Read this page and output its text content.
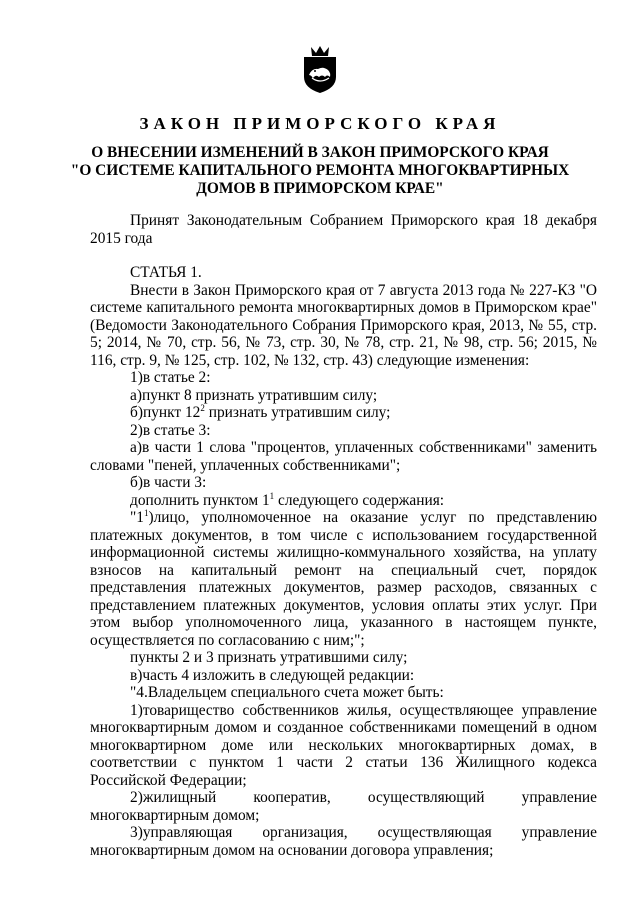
ЗАКОН ПРИМОРСКОГО КРАЯ
О ВНЕСЕНИИ ИЗМЕНЕНИЙ В ЗАКОН ПРИМОРСКОГО КРАЯ
"О СИСТЕМЕ КАПИТАЛЬНОГО РЕМОНТА МНОГОКВАРТИРНЫХ
ДОМОВ В ПРИМОРСКОМ КРАЕ"

Принят Законодательным Собранием Приморского края 18 декабря 2015 года

СТАТЬЯ 1.

Внести в Закон Приморского края от 7 августа 2013 года № 227-КЗ "О системе капитального ремонта многоквартирных домов в Приморском крае" (Ведомости Законодательного Собрания Приморского края, 2013, № 55, стр. 5; 2014, № 70, стр. 56, № 73, стр. 30, № 78, стр. 21, № 98, стр. 56; 2015, № 116, стр. 9, № 125, стр. 102, № 132, стр. 43) следующие изменения:

1)в статье 2:

а)пункт 8 признать утратившим силу;

б)пункт $12^2$ признать утратившим силу;

2)в статье 3:

а)в части 1 слова "процентов, уплаченных собственниками" заменить словами "пеней, уплаченных собственниками";

б)в части 3:

дополнить пунктом $1^1$ следующего содержания:

"$1^1)лицо$, уполномоченное на оказание услуг по представлению платежных документов, в том числе с использованием государственной информационной системы жилищно-коммунального хозяйства, на уплату взносов на капитальный ремонт на специальный счет, порядок представления платежных документов, размер расходов, связанных с представлением платежных документов, условия оплаты этих услуг. При этом выбор уполномоченного лица, указанного в настоящем пункте, осуществляется по согласованию с ним;";

пункты 2 и 3 признать утратившими силу;

в)часть 4 изложить в следующей редакции:

"4.Владельцем специального счета может быть:

1)товарищество собственников жилья, осуществляющее управление многоквартирным домом и созданное собственниками помещений в одном многоквартирном доме или нескольких многоквартирных домах, в соответствии с пунктом 1 части 2 статьи 136 Жилищного кодекса Российской Федерации;

2)жилищный кооператив, осуществляющий управление многоквартирным домом;

3)управляющая организация, осуществляющая управление многоквартирным домом на основании договора управления;
